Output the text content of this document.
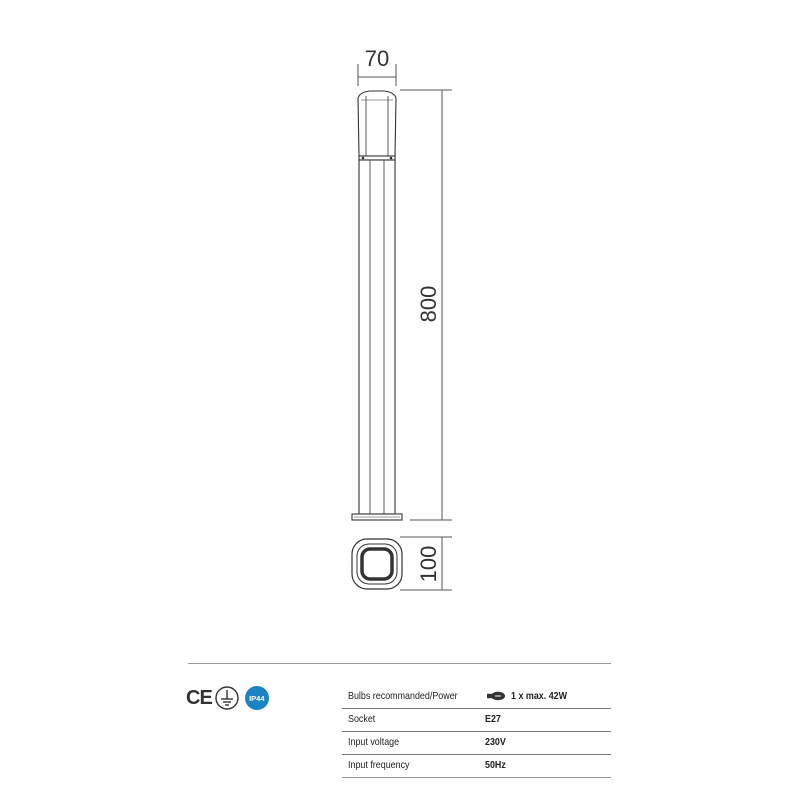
70
800
100
CE	IP44	Bulbs recommanded/Power	1 x max. 42W
Socket	E27
Input voltage	230V
Input frequency	50Hz
